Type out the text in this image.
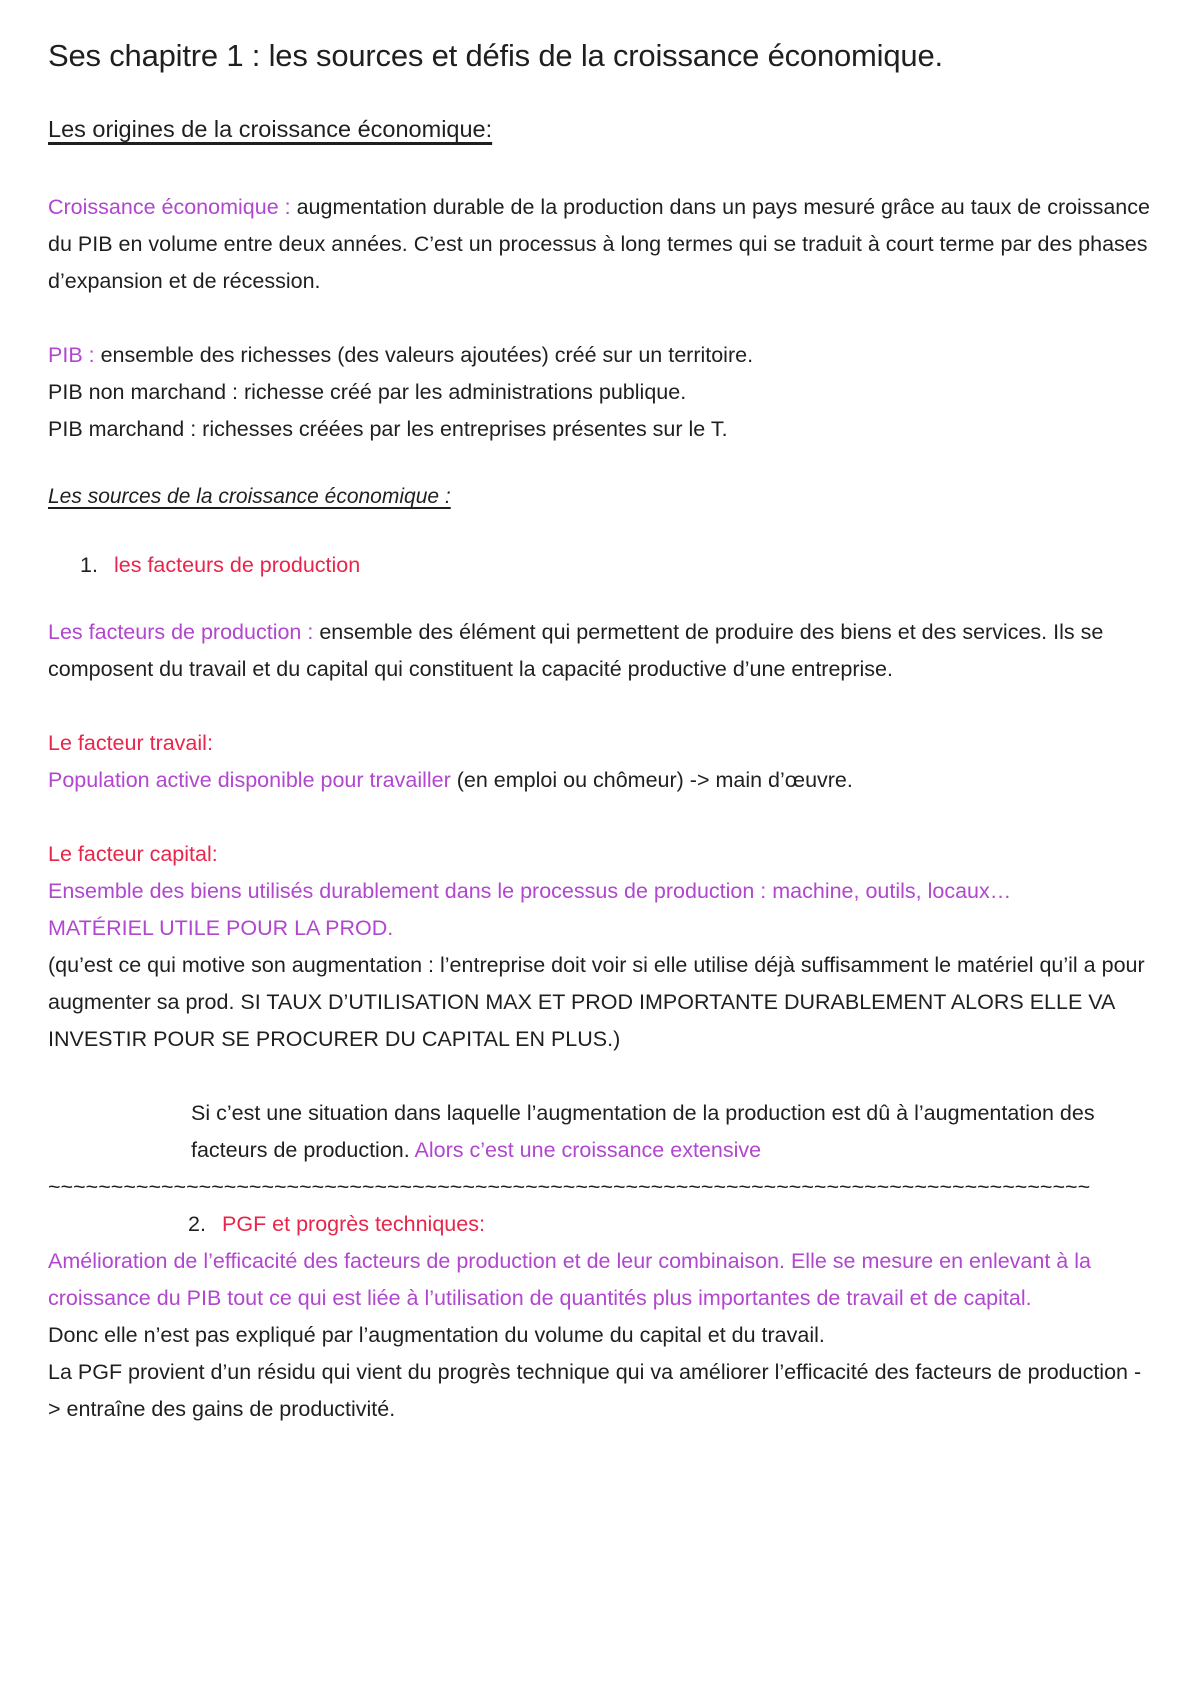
Ses chapitre 1 : les sources et défis de la croissance économique.
Les origines de la croissance économique:

Croissance économique : augmentation durable de la production dans un pays mesuré grâce au taux de croissance du PIB en volume entre deux années. C’est un processus à long termes qui se traduit à court terme par des phases d’expansion et de récession.

PIB : ensemble des richesses (des valeurs ajoutées) créé sur un territoire.

PIB non marchand : richesse créé par les administrations publique.

PIB marchand : richesses créées par les entreprises présentes sur le T.

Les sources de la croissance économique :

1. les facteurs de production

Les facteurs de production : ensemble des élément qui permettent de produire des biens et des services. Ils se composent du travail et du capital qui constituent la capacité productive d’une entreprise.

Le facteur travail:

Population active disponible pour travailler (en emploi ou chômeur) -> main d’œuvre.

Le facteur capital:

Ensemble des biens utilisés durablement dans le processus de production : machine, outils, locaux…

MATÉRIEL UTILE POUR LA PROD.

(qu’est ce qui motive son augmentation : l’entreprise doit voir si elle utilise déjà suffisamment le matériel qu’il a pour augmenter sa prod. SI TAUX D’UTILISATION MAX ET PROD IMPORTANTE DURABLEMENT ALORS ELLE VA INVESTIR POUR SE PROCURER DU CAPITAL EN PLUS.)

Si c’est une situation dans laquelle l’augmentation de la production est dû à l’augmentation des facteurs de production. Alors c’est une croissance extensive

~~~~~~~~~~~~~~~~~~~~~~~~~~~~~~~~~~~~~~~~~~~~~~~~~~~~~~~~~~~~~~~~~~~~~~~~~~~~~~~~~~~

2. PGF et progrès techniques:

Amélioration de l’efficacité des facteurs de production et de leur combinaison. Elle se mesure en enlevant à la croissance du PIB tout ce qui est liée à l’utilisation de quantités plus importantes de travail et de capital.

Donc elle n’est pas expliqué par l’augmentation du volume du capital et du travail.

La PGF provient d’un résidu qui vient du progrès technique qui va améliorer l’efficacité des facteurs de production -> entraîne des gains de productivité.
